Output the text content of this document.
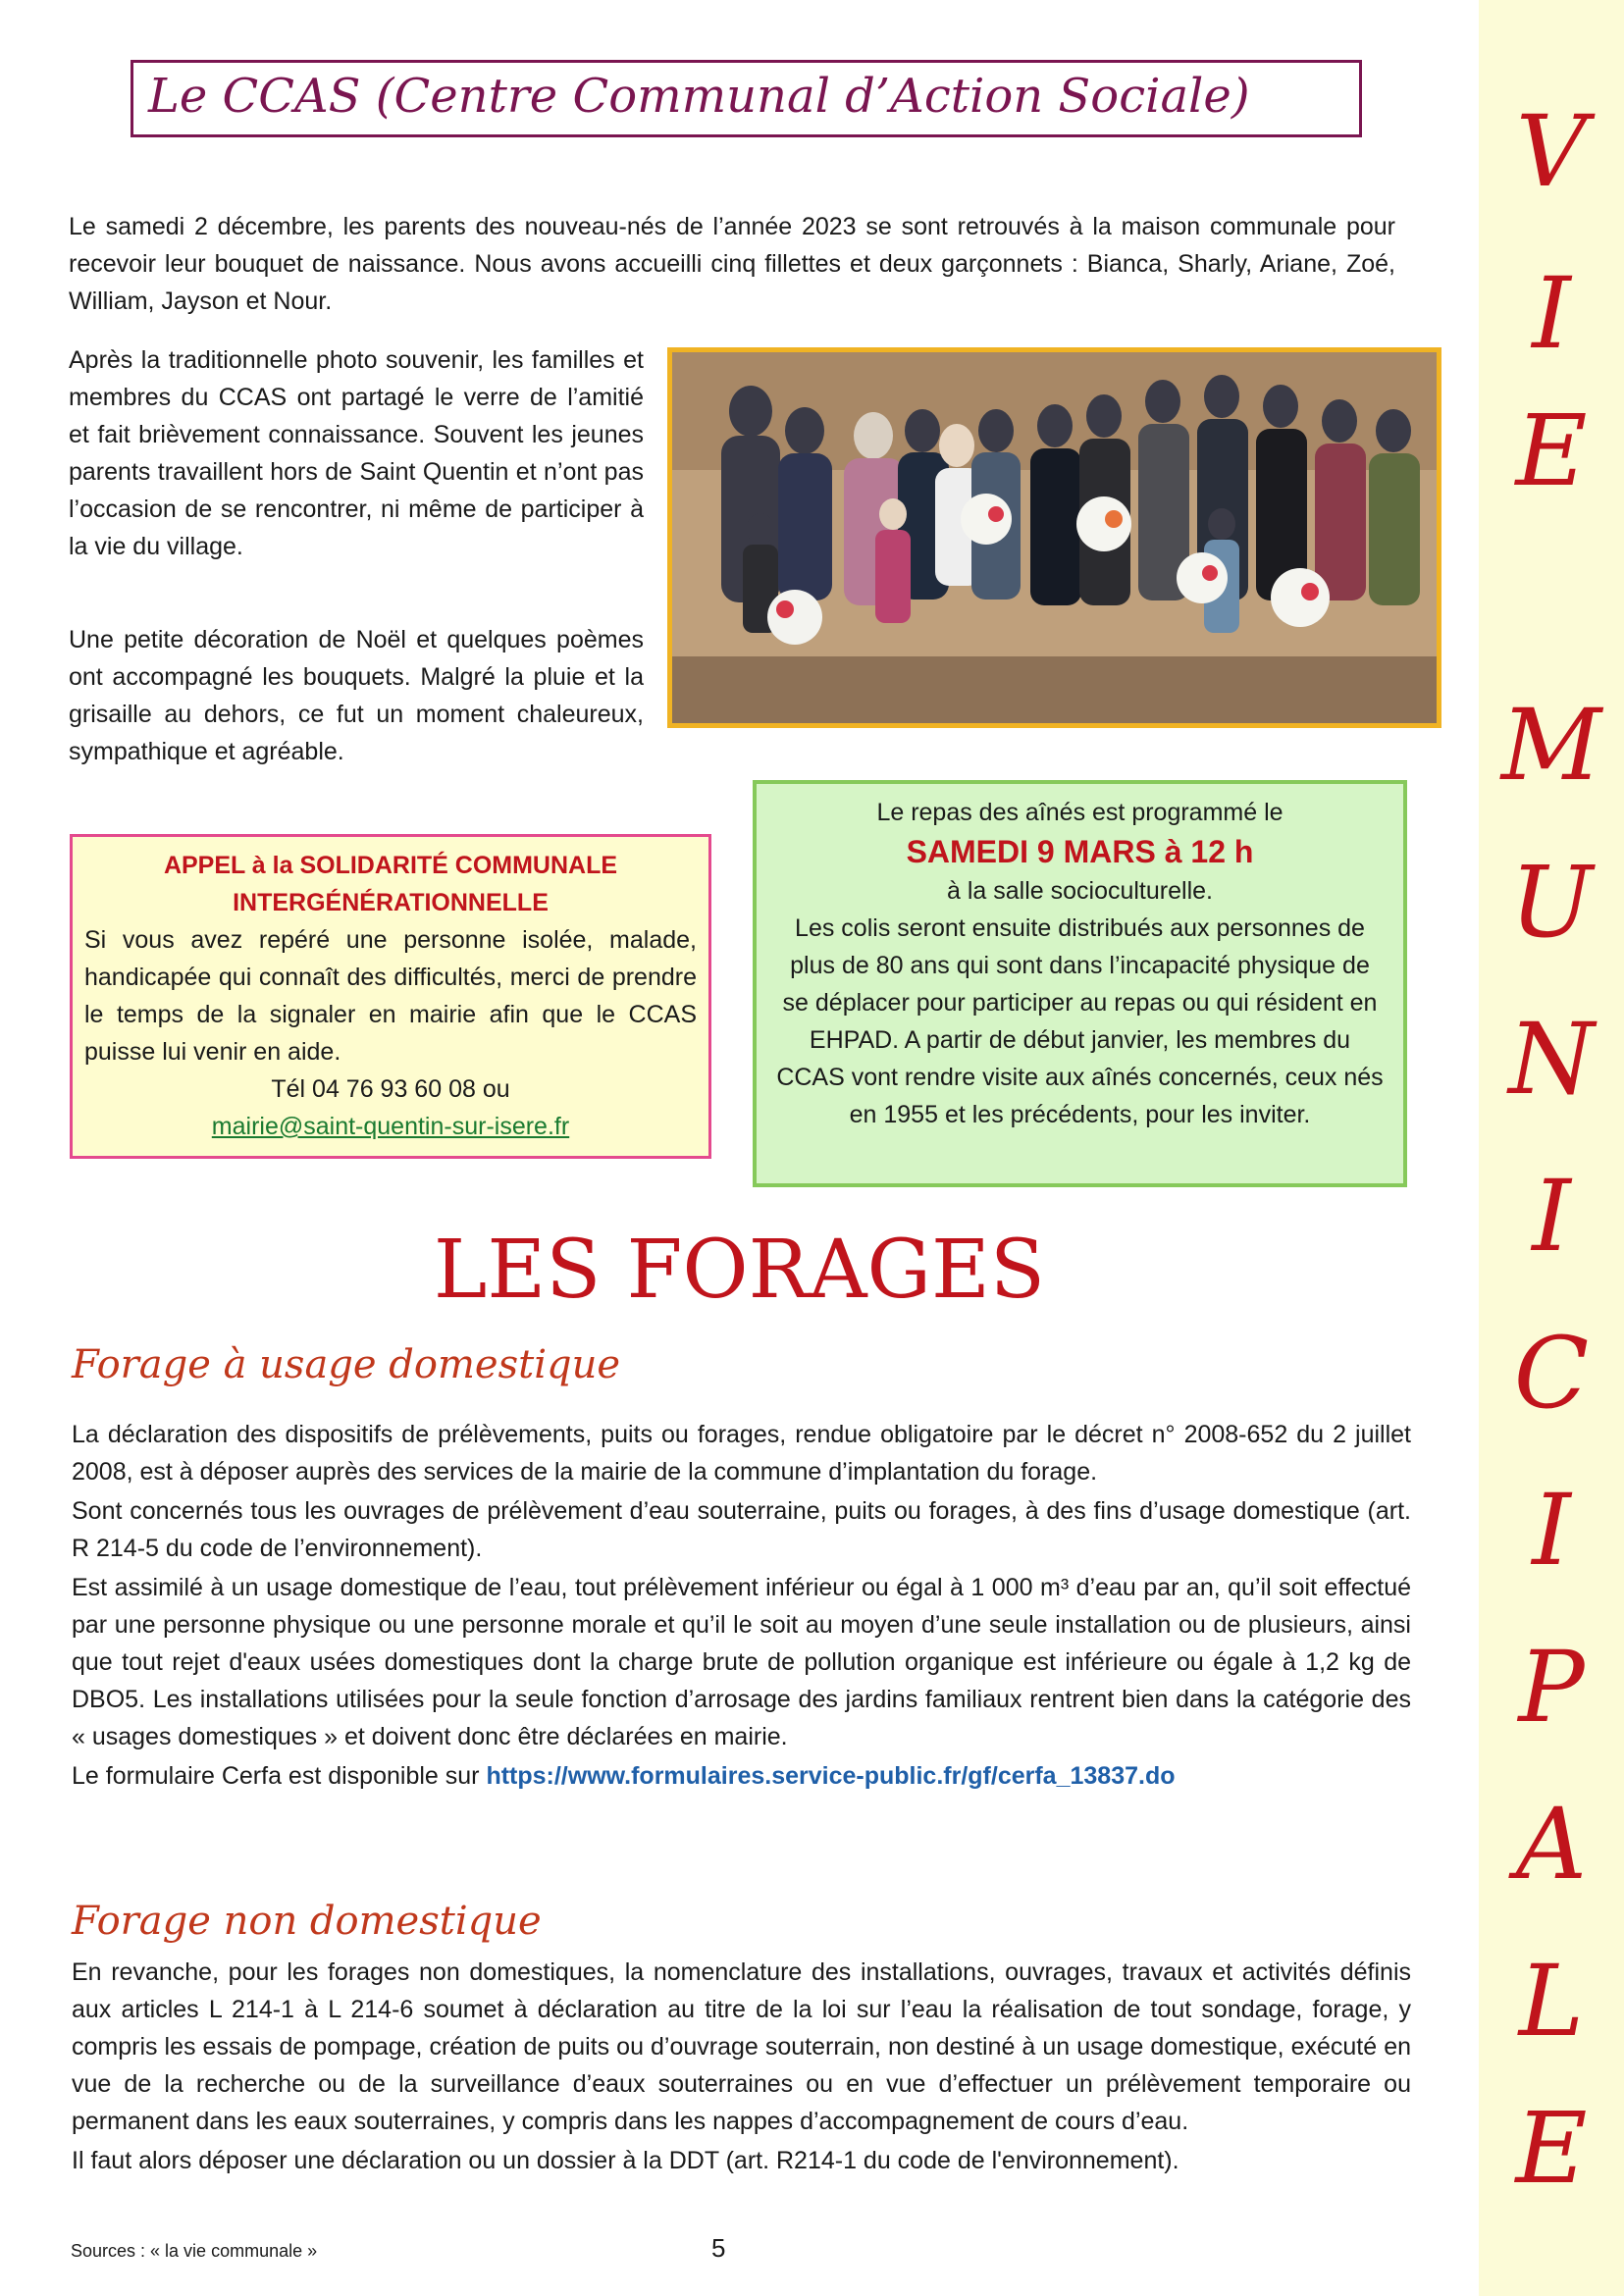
V
I
E
M
U
N
I
C
I
P
A
L
E
Le CCAS (Centre Communal d’Action Sociale)

Le samedi 2 décembre, les parents des nouveau-nés de l’année 2023 se sont retrouvés à la maison communale pour recevoir leur bouquet de naissance. Nous avons accueilli cinq fillettes et deux garçonnets : Bianca, Sharly, Ariane, Zoé, William, Jayson et Nour.

Après la traditionnelle photo souvenir, les familles et membres du CCAS ont partagé le verre de l’amitié et fait brièvement connaissance. Souvent les jeunes parents travaillent hors de Saint Quentin et n’ont pas l’occasion de se rencontrer, ni même de participer à la vie du village.

Une petite décoration de Noël et quelques poèmes ont accompagné les bouquets. Malgré la pluie et la grisaille au dehors, ce fut un moment chaleureux, sympathique et agréable.

APPEL à la SOLIDARITÉ COMMUNALE
INTERGÉNÉRATIONNELLE
Si vous avez repéré une personne isolée, malade, handicapée qui connaît des difficultés, merci de prendre le temps de la signaler en mairie afin que le CCAS puisse lui venir en aide.
Tél 04 76 93 60 08 ou
mairie@saint-quentin-sur-isere.fr
Le repas des aînés est programmé le
SAMEDI 9 MARS à 12 h
à la salle socioculturelle.
Les colis seront ensuite distribués aux personnes de plus de 80 ans qui sont dans l’incapacité physique de se déplacer pour participer au repas ou qui résident en EHPAD. A partir de début janvier, les membres du CCAS vont rendre visite aux aînés concernés, ceux nés en 1955 et les précédents, pour les inviter.
LES FORAGES
Forage à usage domestique

La déclaration des dispositifs de prélèvements, puits ou forages, rendue obligatoire par le décret n° 2008-652 du 2 juillet 2008, est à déposer auprès des services de la mairie de la commune d’implantation du forage.

Sont concernés tous les ouvrages de prélèvement d’eau souterraine, puits ou forages, à des fins d’usage domestique (art. R 214-5 du code de l’environnement).

Est assimilé à un usage domestique de l’eau, tout prélèvement inférieur ou égal à 1 000 m³ d’eau par an, qu’il soit effectué par une personne physique ou une personne morale et qu’il le soit au moyen d’une seule installation ou de plusieurs, ainsi que tout rejet d'eaux usées domestiques dont la charge brute de pollution organique est inférieure ou égale à 1,2 kg de DBO5. Les installations utilisées pour la seule fonction d’arrosage des jardins familiaux rentrent bien dans la catégorie des « usages domestiques » et doivent donc être déclarées en mairie.

Le formulaire Cerfa est disponible sur https://www.formulaires.service-public.fr/gf/cerfa_13837.do

Forage non domestique

En revanche, pour les forages non domestiques, la nomenclature des installations, ouvrages, travaux et activités définis aux articles L 214-1 à L 214-6 soumet à déclaration au titre de la loi sur l’eau la réalisation de tout sondage, forage, y compris les essais de pompage, création de puits ou d’ouvrage souterrain, non destiné à un usage domestique, exécuté en vue de la recherche ou de la surveillance d’eaux souterraines ou en vue d’effectuer un prélèvement temporaire ou permanent dans les eaux souterraines, y compris dans les nappes d’accompagnement de cours d’eau.

Il faut alors déposer une déclaration ou un dossier à la DDT (art. R214-1 du code de l'environnement).

Sources : « la vie communale »	5
